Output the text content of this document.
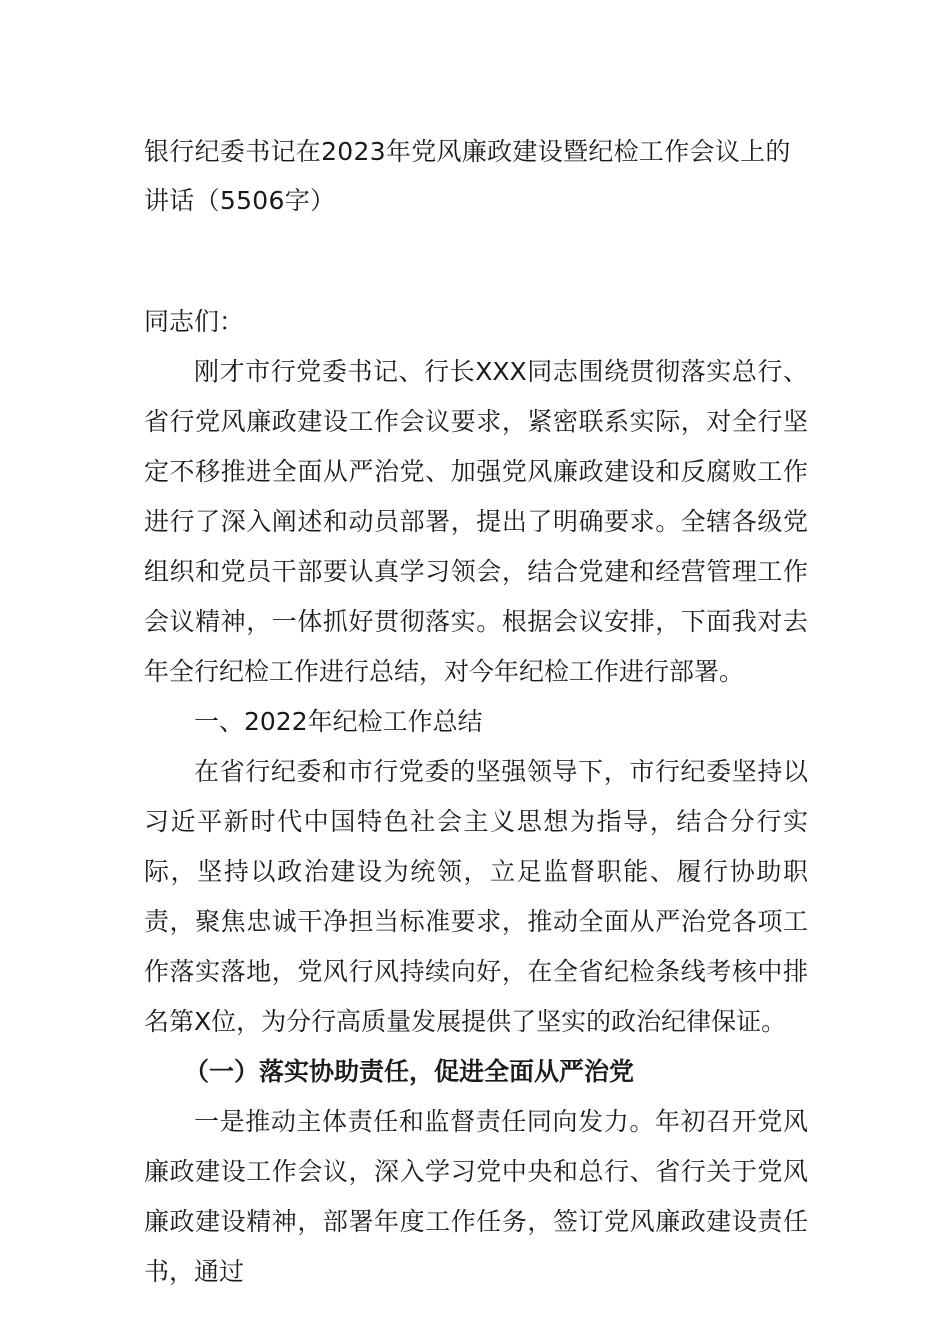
银行纪委书记在2023年党风廉政建设暨纪检工作会议上的讲话（5506字）

同志们：

刚才市行党委书记、行长XXX同志围绕贯彻落实总行、省行党风廉政建设工作会议要求，紧密联系实际，对全行坚定不移推进全面从严治党、加强党风廉政建设和反腐败工作进行了深入阐述和动员部署，提出了明确要求。全辖各级党组织和党员干部要认真学习领会，结合党建和经营管理工作会议精神，一体抓好贯彻落实。根据会议安排，下面我对去年全行纪检工作进行总结，对今年纪检工作进行部署。

一、2022年纪检工作总结

在省行纪委和市行党委的坚强领导下，市行纪委坚持以习近平新时代中国特色社会主义思想为指导，结合分行实际，坚持以政治建设为统领，立足监督职能、履行协助职责，聚焦忠诚干净担当标准要求，推动全面从严治党各项工作落实落地，党风行风持续向好，在全省纪检条线考核中排名第X位，为分行高质量发展提供了坚实的政治纪律保证。

（一）落实协助责任，促进全面从严治党

一是推动主体责任和监督责任同向发力。年初召开党风廉政建设工作会议，深入学习党中央和总行、省行关于党风廉政建设精神，部署年度工作任务，签订党风廉政建设责任书，通过
